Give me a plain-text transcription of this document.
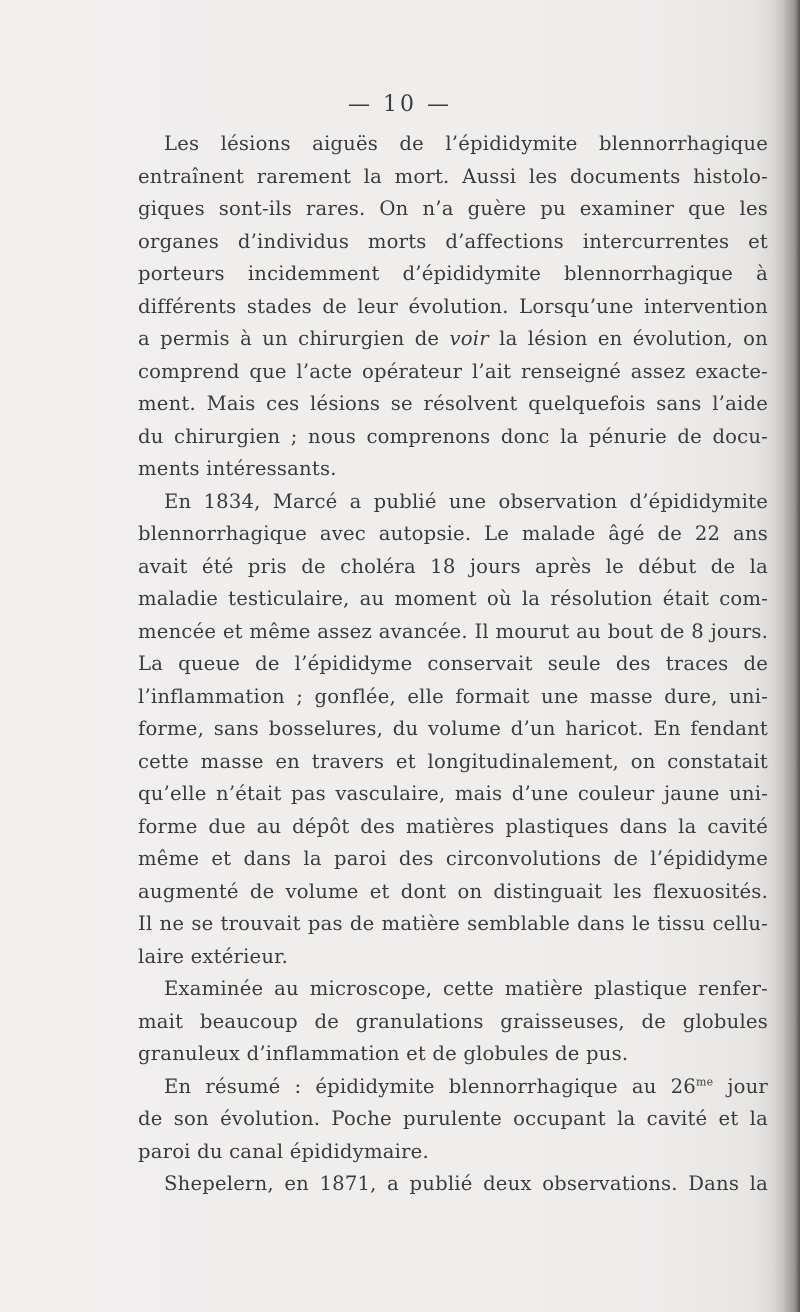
— 10 —
Les lésions aiguës de l’épididymite blennorrhagique
entraînent rarement la mort. Aussi les documents histolo-
giques sont-ils rares. On n’a guère pu examiner que les
organes d’individus morts d’affections intercurrentes et
porteurs incidemment d’épididymite blennorrhagique à
différents stades de leur évolution. Lorsqu’une intervention
a permis à un chirurgien de voir la lésion en évolution, on
comprend que l’acte opérateur l’ait renseigné assez exacte-
ment. Mais ces lésions se résolvent quelquefois sans l’aide
du chirurgien ; nous comprenons donc la pénurie de docu-
ments intéressants.
En 1834, Marcé a publié une observation d’épididymite
blennorrhagique avec autopsie. Le malade âgé de 22 ans
avait été pris de choléra 18 jours après le début de la
maladie testiculaire, au moment où la résolution était com-
mencée et même assez avancée. Il mourut au bout de 8 jours.
La queue de l’épididyme conservait seule des traces de
l’inflammation ; gonflée, elle formait une masse dure, uni-
forme, sans bosselures, du volume d’un haricot. En fendant
cette masse en travers et longitudinalement, on constatait
qu’elle n’était pas vasculaire, mais d’une couleur jaune uni-
forme due au dépôt des matières plastiques dans la cavité
même et dans la paroi des circonvolutions de l’épididyme
augmenté de volume et dont on distinguait les flexuosités.
Il ne se trouvait pas de matière semblable dans le tissu cellu-
laire extérieur.
Examinée au microscope, cette matière plastique renfer-
mait beaucoup de granulations graisseuses, de globules
granuleux d’inflammation et de globules de pus.
En résumé : épididymite blennorrhagique au $26^{me}$ jour
de son évolution. Poche purulente occupant la cavité et la
paroi du canal épididymaire.
Shepelern, en 1871, a publié deux observations. Dans la
